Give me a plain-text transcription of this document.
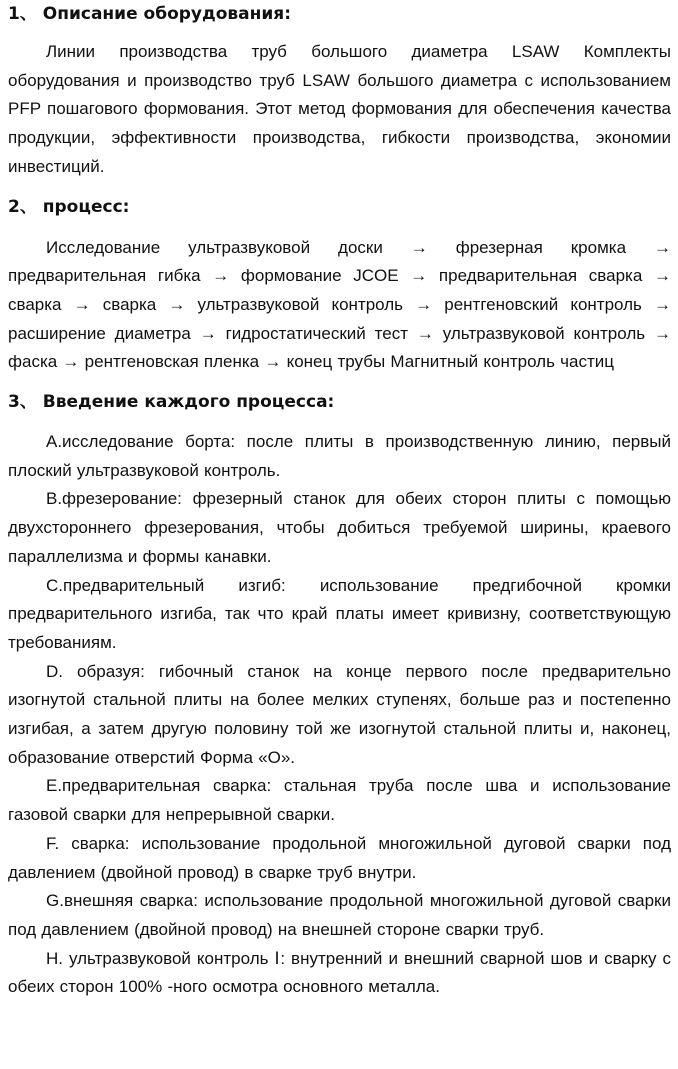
1、 Описание оборудования:

Линии производства труб большого диаметра LSAW Комплекты оборудования и производство труб LSAW большого диаметра с использованием PFP пошагового формования. Этот метод формования для обеспечения качества продукции, эффективности производства, гибкости производства, экономии инвестиций.

2、 процесс:

Исследование ультразвуковой доски → фрезерная кромка → предварительная гибка → формование JCOE → предварительная сварка → сварка → сварка → ультразвуковой контроль → рентгеновский контроль → расширение диаметра → гидростатический тест → ультразвуковой контроль → фаска → рентгеновская пленка → конец трубы Магнитный контроль частиц

3、 Введение каждого процесса:

A.исследование борта: после плиты в производственную линию, первый плоский ультразвуковой контроль.

B.фрезерование: фрезерный станок для обеих сторон плиты с помощью двухстороннего фрезерования, чтобы добиться требуемой ширины, краевого параллелизма и формы канавки.

C.предварительный изгиб: использование предгибочной кромки предварительного изгиба, так что край платы имеет кривизну, соответствующую требованиям.

D. образуя: гибочный станок на конце первого после предварительно изогнутой стальной плиты на более мелких ступенях, больше раз и постепенно изгибая, а затем другую половину той же изогнутой стальной плиты и, наконец, образование отверстий Форма «O».

E.предварительная сварка: стальная труба после шва и использование газовой сварки для непрерывной сварки.

F. сварка: использование продольной многожильной дуговой сварки под давлением (двойной провод) в сварке труб внутри.

G.внешняя сварка: использование продольной многожильной дуговой сварки под давлением (двойной провод) на внешней стороне сварки труб.

H. ультразвуковой контроль Ⅰ: внутренний и внешний сварной шов и сварку с обеих сторон 100% -ного осмотра основного металла.
